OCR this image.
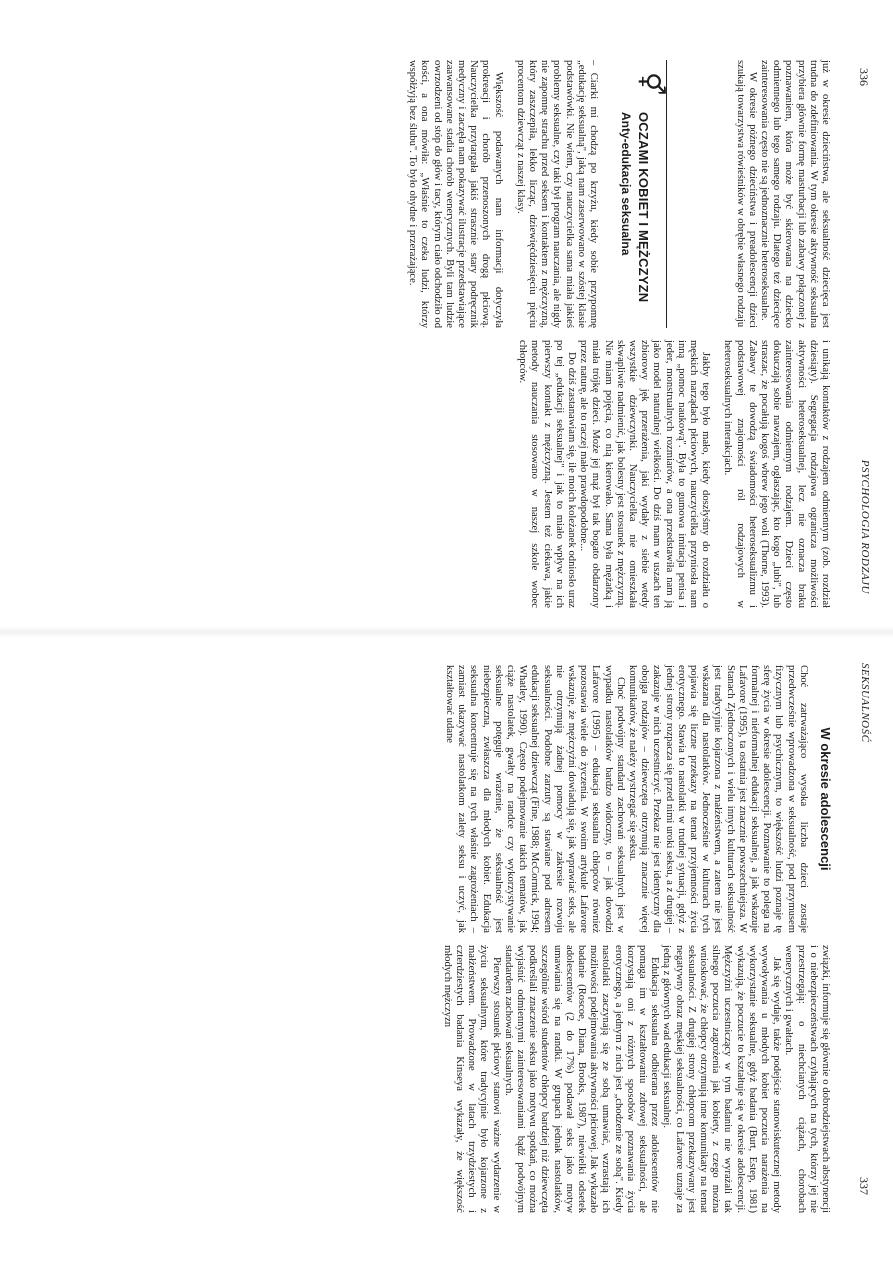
336
PSYCHOLOGIA RODZAJU

już w okresie dzieciństwa, ale seksualność dziecięca jest trudna do zdefiniowania. W tym okresie aktywność seksualna przybiera głównie formę masturbacji lub zabawy połączonej z poznawaniem, która może być skierowana na dziecko odmiennego lub tego samego rodzaju. Dlatego też dziecięce zainteresowania często nie są jednoznacznie heteroseksualne.

W okresie późnego dzieciństwa i preadolescencji dzieci szukają towarzystwa rówieśników w obrębie własnego rodzaju

⚥
OCZAMI KOBIET I MĘŻCZYZN
Anty-edukacja seksualna

– Ciarki mi chodzą po krzyżu, kiedy sobie przypomnę „edukację seksualną", jaką nam zaserwowano w szóstej klasie podstawówki. Nie wiem, czy nauczycielka sama miała jakieś problemy seksualne, czy taki był program nauczania, ale nigdy nie zapomnę strachu przed seksem i kontaktem z mężczyzną, który zaszczepiła, lekko licząc, dziewięćdziesięciu pięciu procentom dziewcząt z naszej klasy.

Większość podawanych nam informacji dotyczyła prokreacji i chorób przenoszonych drogą płciową. Nauczycielka przytargała jakiś strasznie stary podręcznik medyczny i zaczęła nam pokazywać ilustracje przedstawiające zaawansowane stadia chorób wenerycznych. Byli tam ludzie owrzodzeni od stóp do głów i tacy, którym ciało odchodziło od kości, a ona mówiła: „Właśnie to czeka ludzi, którzy współżyją bez ślubu". To było ohydne i przerażające.

i unikają kontaktów z rodzajem odmiennym (zob. rozdział dziesiąty). Segregacja rodzajowa ogranicza możliwości aktywności heteroseksualnej, lecz nie oznacza braku zainteresowania odmiennym rodzajem. Dzieci często dokuczają sobie nawzajem, ogłaszając, kto kogo „lubi", lub straszac, że pocałują kogoś wbrew jego woli (Thorne, 1993). Zabawy te dowodzą świadomości heteroseksualizmu i podstawowej znajomości ról rodzajowych w heteroseksualnych interakcjach.

Jakby tego było mało, kiedy doszłyśmy do rozdziału o męskich narządach płciowych, nauczycielka przyniosła nam inną „pomoc naukową". Była to gumowa imitacja penisa i jeder, monstrualnych rozmiarów, a ona przedstawiła nam ją jako model naturalnej wielkości. Do dziś mam w uszach ten zbiorowy jęk przerażenia, jaki wydały z siebie wtedy wszystkie dziewczynki. Nauczycielka nie omieszkała skwapliwie nadmienić, jak bolesny jest stosunek z mężczyzną. Nie miam pojęcia, co nią kierowało. Sama była mężatką i miała trójkę dzieci. Może jej mąż był tak bogato obdarzony przez naturę, ale to raczej mało prawdopodobne...

Do dziś zastanawiam się, ile moich koleżanek odniosło uraz po tej „edukacji seksualnej" i jak to miało wpływ na ich pierwszy kontakt z mężczyzną. Jestem też ciekawa, jakie metody nauczania stosowano w naszej szkole wobec chłopców.

SEKSUALNOŚĆ
337
W okresie adolescencji

Choć zatrważająco wysoka liczba dzieci zostaje przedwcześnie wprowadzona w seksualność, pod przymusem fizycznym lub psychicznym, to większość ludzi poznaje tę sferę życia w okresie adolescencji. Poznawanie to polega na formalnej i nieformalnej edukacji seksualnej, a jak wskazuje Lafavore (1995), ta ostatnia jest znacznie powszechniejsza. W Stanach Zjednoczonych i wielu innych kulturach seksualność jest tradycyjnie kojarzona z małżeństwem, a zatem nie jest wskazana dla nastolatków. Jednocześnie w kulturach tych pojawia się liczne przekazy na temat przyjemności życia erotycznego. Stawia to nastolatki w trudnej sytuacji, gdyż z jednej strony rozpacza się przed nimi uroki seksu, a z drugiej – zakazuje w nich uczestniczyć. Przekaz nie jest identyczny dla obojga rodzajów – dziewczęta otrzymują znacznie więcej komunikatów, że należy wystrzegać się seksu.

Choć podwójny standard zachowań seksualnych jest w wypadku nastolatków bardzo widoczny, to – jak dowodzi Lafavore (1995) – edukacja seksualna chłopców również pozostawia wiele do życzenia. W swoim artykule Lafavore wskazuje, że mężczyźni dowiadują się, jak wprawiać seks, ale nie otrzymują żadnej pomocy w zakresie rozwoju seksualności. Podobne zarzuty są stawiane pod adresem edukacji seksualnej dziewcząt (Fine, 1988; McCormick, 1994; Whatley, 1990). Często podejmowanie takich tematów, jak ciąże nastolatek, gwałty na randce czy wykorzystywanie seksualne potęguje wrażenie, że seksualność jest niebezpieczna, zwłaszcza dla młodych kobiet. Edukacja seksualna koncentruje się na tych właśnie zagrożeniach – zamiast ukazywać nastolatkom zalety seksu i uczyć, jak kształtować udane

związki, informuje się głównie o dobrodziejstwach abstynencji i o niebezpieczeństwach czyhających na tych, którzy jej nie przestrzegają: o niechcianych ciążach, chorobach wenerycznych i gwałtach.

Jak się wydaje, także podejście stanowiskutecznej metody wywoływania u młodych kobiet poczucia narażenia na wykorzystanie seksualne, gdyż badania (Burt, Estep, 1981) wykazują, że poczucie to kształtuje się w okresie adolescencji. Mężczyźni uczestniczący w tym badaniu nie wyrażali tak silnego poczucia zagrożenia jak kobiety, z czego można wnioskować, że chłopcy otrzymują inne komunikaty na temat seksualności. Z drugiej strony chłopcom przekazywany jest negatywny obraz męskiej seksualności, co Lafavore uznaje za jedną z głównych wad edukacji seksualnej.

Edukacja seksualna odbierana przez adolescentów nie pomaga im w kształtowaniu zdrowej seksualności, ale korzystają oni z różnych sposobów poznawania życia erotycznego, a jednym z nich jest „chodzenie ze sobą". Kiedy nastolatki zaczynają się ze sobą umawiać, wzrastają ich możliwości podejmowania aktywności płciowej. Jak wykazało badanie (Roscoe, Diana, Brooks, 1987), niewielki odsetek adolescentów (2 do 17%) podawał seks jako motyw umawiania się na randki. W grupach jednak nastolatków, szczególnie wśród studentów chłopcy bardziej niż dziewczęta podkreślali znaczenie seksu jako motywu spotkań, co można wyjaśnić odmiennymi zainteresowaniami bądź podwójnym standardem zachowań seksualnych.

Pierwszy stosunek płciowy stanowi ważne wydarzenie w życiu seksualnym, które tradycyjnie było kojarzone z małżeństwem. Prowadzone w latach trzydziestych i czterdziestych badania Kinseya wykazały, że większość młodych mężczyzn
